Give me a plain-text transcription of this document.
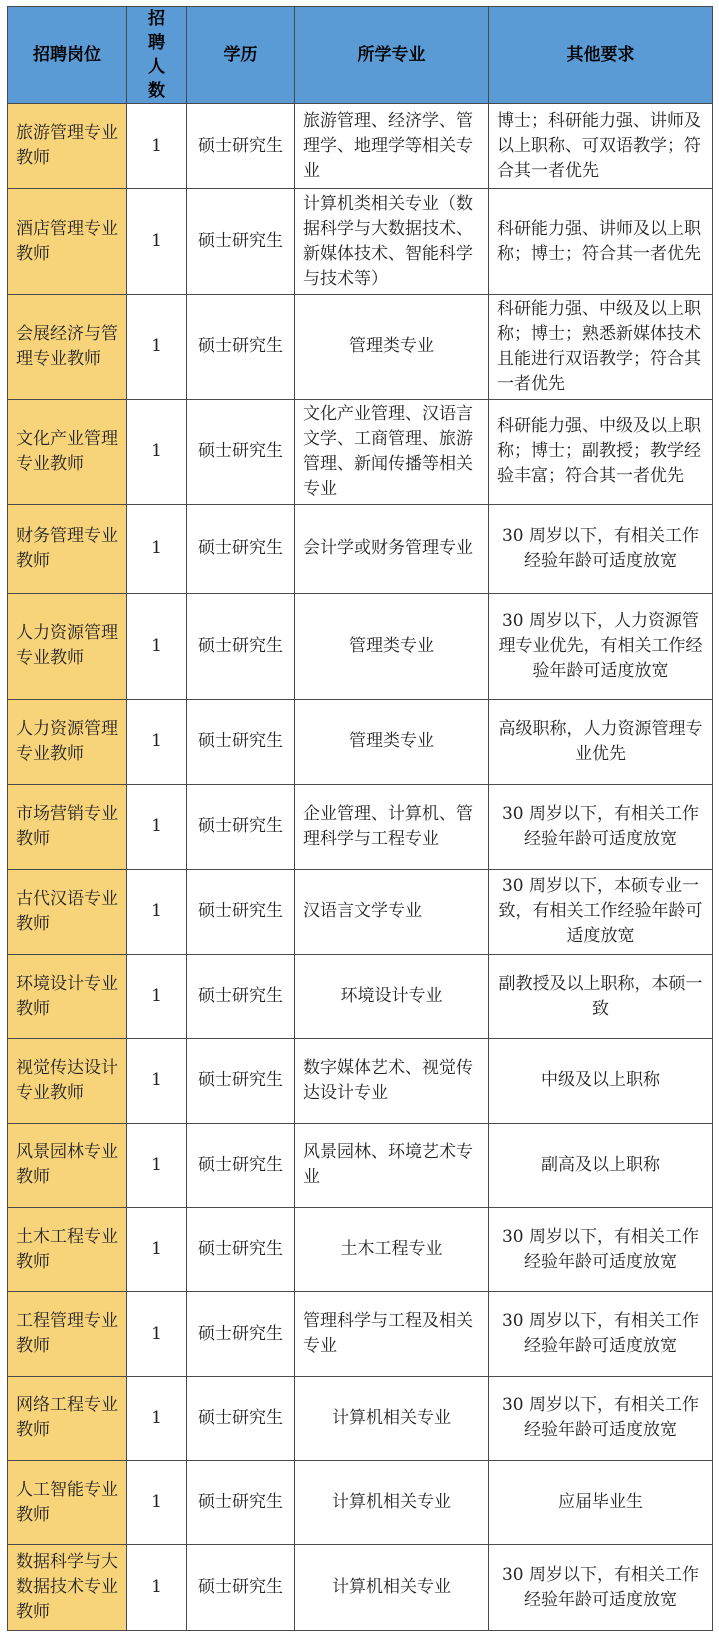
招聘岗位	招聘人数	学历	所学专业	其他要求
旅游管理专业教师	1	硕士研究生	旅游管理、经济学、管理学、地理学等相关专业	博士；科研能力强、讲师及以上职称、可双语教学；符合其一者优先
酒店管理专业教师	1	硕士研究生	计算机类相关专业（数据科学与大数据技术、新媒体技术、智能科学与技术等）	科研能力强、讲师及以上职称；博士；符合其一者优先
会展经济与管理专业教师	1	硕士研究生	管理类专业	科研能力强、中级及以上职称；博士；熟悉新媒体技术且能进行双语教学；符合其一者优先
文化产业管理专业教师	1	硕士研究生	文化产业管理、汉语言文学、工商管理、旅游管理、新闻传播等相关专业	科研能力强、中级及以上职称；博士；副教授；教学经验丰富；符合其一者优先
财务管理专业教师	1	硕士研究生	会计学或财务管理专业	30 周岁以下，有相关工作经验年龄可适度放宽
人力资源管理专业教师	1	硕士研究生	管理类专业	30 周岁以下，人力资源管理专业优先，有相关工作经验年龄可适度放宽
人力资源管理专业教师	1	硕士研究生	管理类专业	高级职称，人力资源管理专业优先
市场营销专业教师	1	硕士研究生	企业管理、计算机、管理科学与工程专业	30 周岁以下，有相关工作经验年龄可适度放宽
古代汉语专业教师	1	硕士研究生	汉语言文学专业	30 周岁以下，本硕专业一致，有相关工作经验年龄可适度放宽
环境设计专业教师	1	硕士研究生	环境设计专业	副教授及以上职称，本硕一致
视觉传达设计专业教师	1	硕士研究生	数字媒体艺术、视觉传达设计专业	中级及以上职称
风景园林专业教师	1	硕士研究生	风景园林、环境艺术专业	副高及以上职称
土木工程专业教师	1	硕士研究生	土木工程专业	30 周岁以下，有相关工作经验年龄可适度放宽
工程管理专业教师	1	硕士研究生	管理科学与工程及相关专业	30 周岁以下，有相关工作经验年龄可适度放宽
网络工程专业教师	1	硕士研究生	计算机相关专业	30 周岁以下，有相关工作经验年龄可适度放宽
人工智能专业教师	1	硕士研究生	计算机相关专业	应届毕业生
数据科学与大数据技术专业教师	1	硕士研究生	计算机相关专业	30 周岁以下，有相关工作经验年龄可适度放宽
